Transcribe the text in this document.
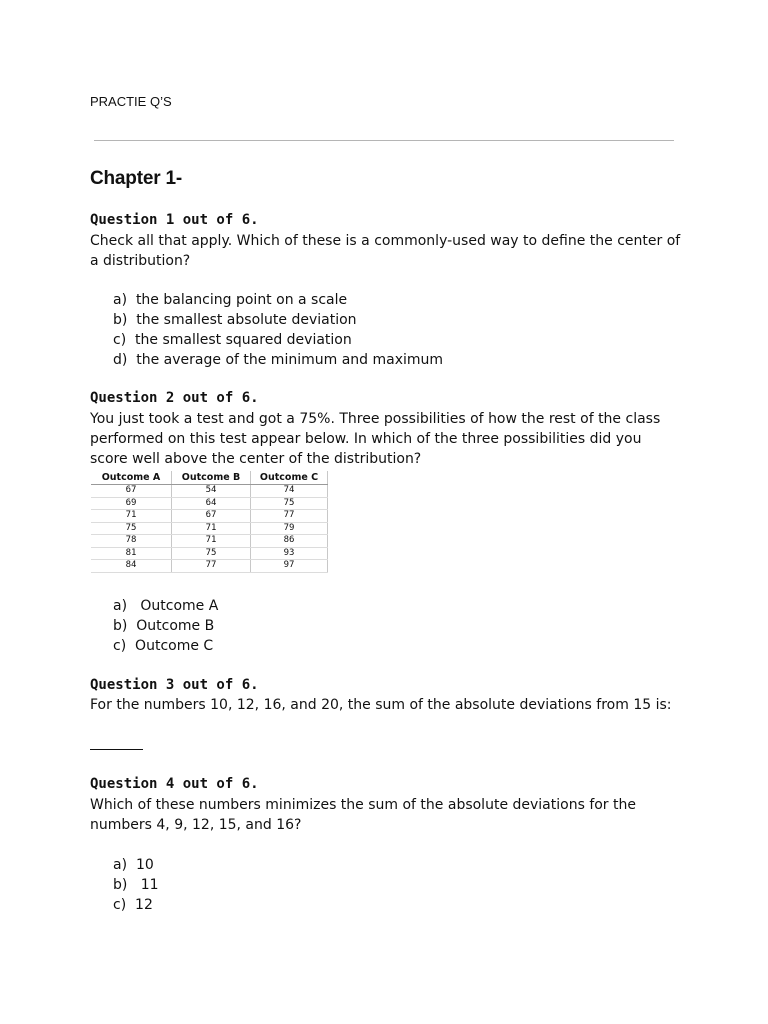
PRACTIE Q’S
Chapter 1-
Question 1 out of 6.

Check all that apply. Which of these is a commonly-used way to define the center of a distribution?

a)  the balancing point on a scale
b)  the smallest absolute deviation
c)  the smallest squared deviation
d)  the average of the minimum and maximum
Question 2 out of 6.

You just took a test and got a 75%. Three possibilities of how the rest of the class performed on this test appear below. In which of the three possibilities did you score well above the center of the distribution?

Outcome A	Outcome B	Outcome C
67	54	74
69	64	75
71	67	77
75	71	79
78	71	86
81	75	93
84	77	97
a)   Outcome A
b)  Outcome B
c)  Outcome C
Question 3 out of 6.

For the numbers 10, 12, 16, and 20, the sum of the absolute deviations from 15 is:

Question 4 out of 6.

Which of these numbers minimizes the sum of the absolute deviations for the numbers 4, 9, 12, 15, and 16?

a)  10
b)   11
c)  12
